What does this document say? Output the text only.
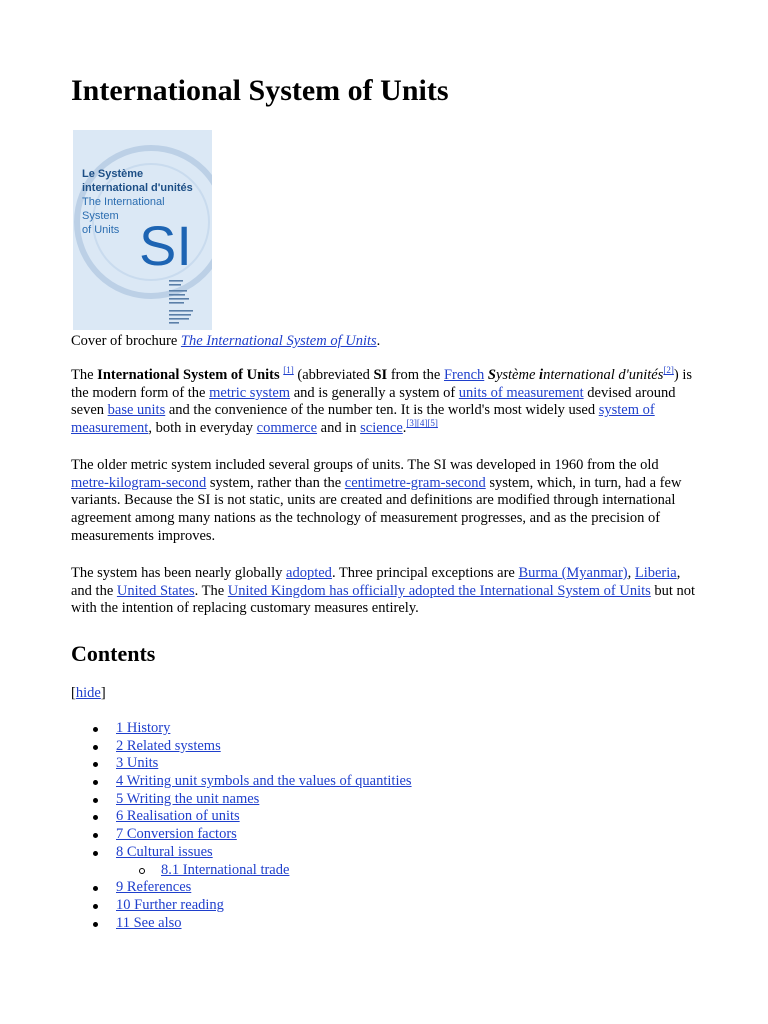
International System of Units
Le Système
international d'unités
The International
System
of Units SI
Cover of brochure The International System of Units.

The International System of Units [1] (abbreviated SI from the French Système international d'unités[2]) is the modern form of the metric system and is generally a system of units of measurement devised around seven base units and the convenience of the number ten. It is the world's most widely used system of measurement, both in everyday commerce and in science.[3][4][5]

The older metric system included several groups of units. The SI was developed in 1960 from the old metre-kilogram-second system, rather than the centimetre-gram-second system, which, in turn, had a few variants. Because the SI is not static, units are created and definitions are modified through international agreement among many nations as the technology of measurement progresses, and as the precision of measurements improves.

The system has been nearly globally adopted. Three principal exceptions are Burma (Myanmar), Liberia, and the United States. The United Kingdom has officially adopted the International System of Units but not with the intention of replacing customary measures entirely.

Contents
[hide]
1 History
2 Related systems
3 Units
4 Writing unit symbols and the values of quantities
5 Writing the unit names
6 Realisation of units
7 Conversion factors
8 Cultural issues
8.1 International trade
9 References
10 Further reading
11 See also
